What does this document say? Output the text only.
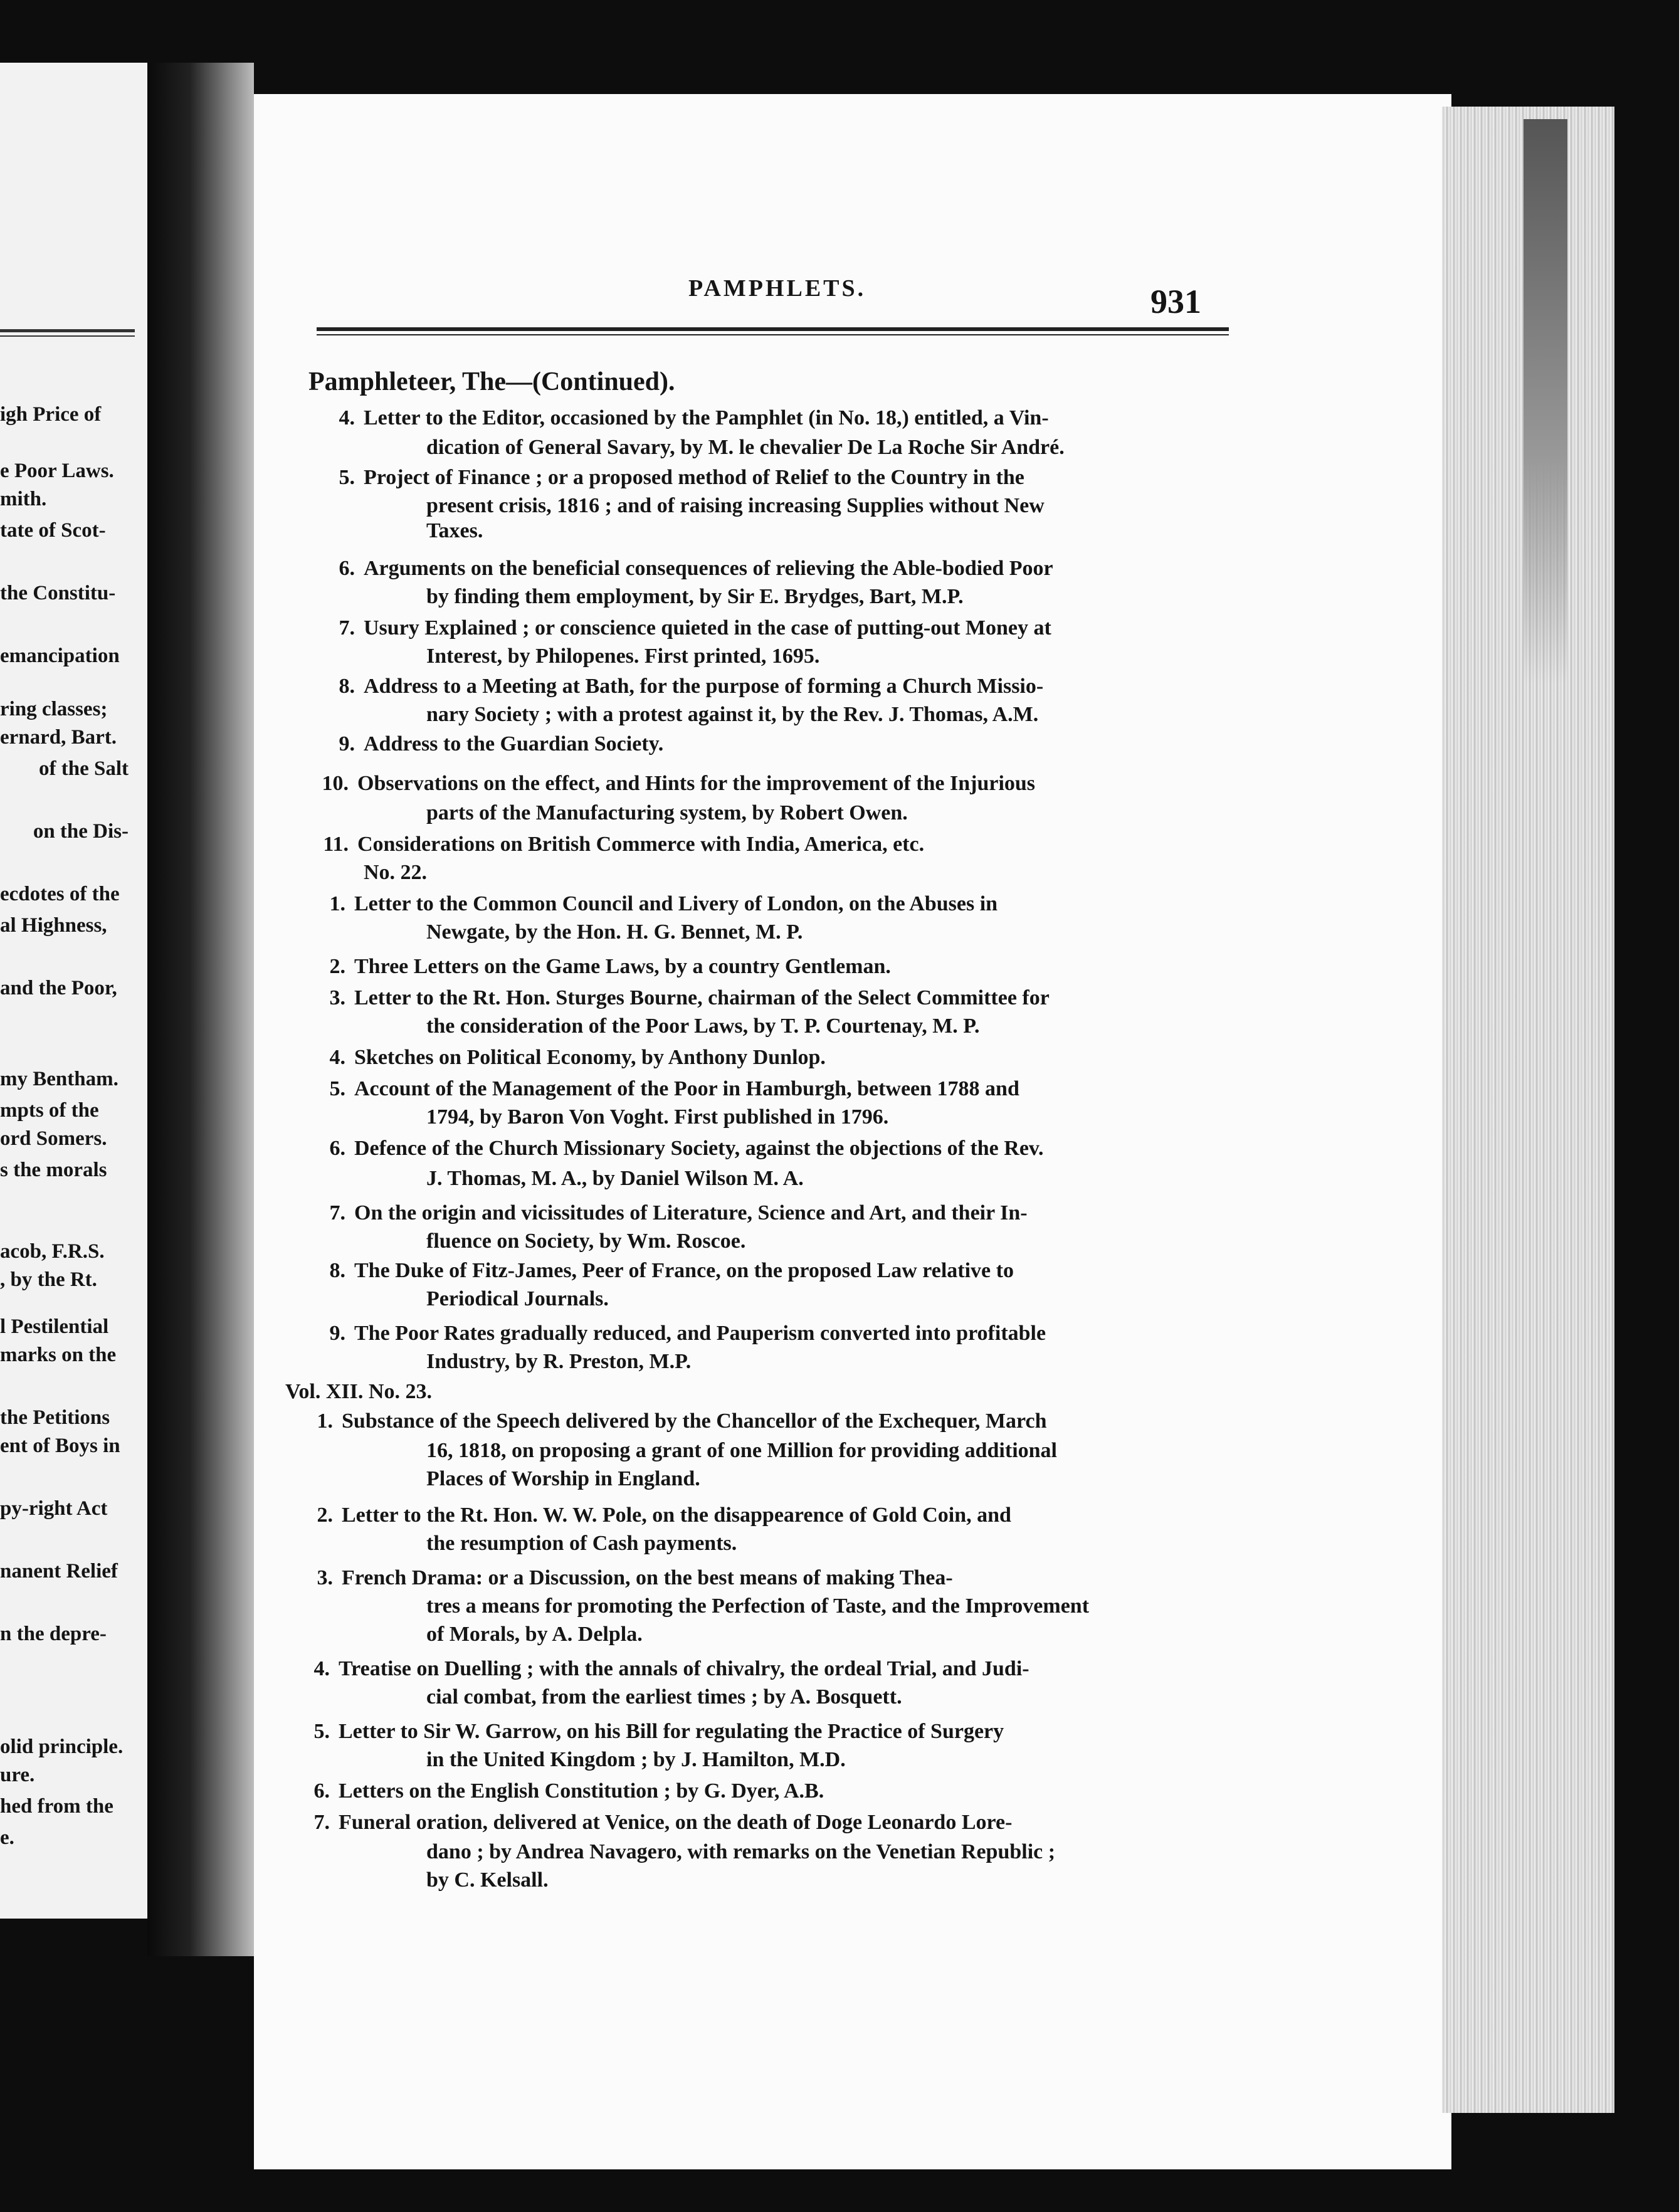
igh Price of
e Poor Laws.
mith.
tate of Scot-
the Constitu-
emancipation
ring classes;
ernard, Bart.
of the Salt
on the Dis-
ecdotes of the
al Highness,
and the Poor,
my Bentham.
mpts of the
ord Somers.
s the morals
acob, F.R.S.
, by the Rt.
l Pestilential
marks on the
the Petitions
ent of Boys in
py-right Act
nanent Relief
n the depre-
olid principle.
ure.
hed from the
e.
PAMPHLETS.	931
Pamphleteer, The—(Continued).
4. Letter to the Editor, occasioned by the Pamphlet (in No. 18,) entitled, a Vin-
dication of General Savary, by M. le chevalier De La Roche Sir André.
5. Project of Finance ; or a proposed method of Relief to the Country in the
present crisis, 1816 ; and of raising increasing Supplies without New
Taxes.
6. Arguments on the beneficial consequences of relieving the Able-bodied Poor
by finding them employment, by Sir E. Brydges, Bart, M.P.
7. Usury Explained ; or conscience quieted in the case of putting-out Money at
Interest, by Philopenes. First printed, 1695.
8. Address to a Meeting at Bath, for the purpose of forming a Church Missio-
nary Society ; with a protest against it, by the Rev. J. Thomas, A.M.
9. Address to the Guardian Society.
10. Observations on the effect, and Hints for the improvement of the Injurious
parts of the Manufacturing system, by Robert Owen.
11. Considerations on British Commerce with India, America, etc.
No. 22.
1. Letter to the Common Council and Livery of London, on the Abuses in
Newgate, by the Hon. H. G. Bennet, M. P.
2. Three Letters on the Game Laws, by a country Gentleman.
3. Letter to the Rt. Hon. Sturges Bourne, chairman of the Select Committee for
the consideration of the Poor Laws, by T. P. Courtenay, M. P.
4. Sketches on Political Economy, by Anthony Dunlop.
5. Account of the Management of the Poor in Hamburgh, between 1788 and
1794, by Baron Von Voght. First published in 1796.
6. Defence of the Church Missionary Society, against the objections of the Rev.
J. Thomas, M. A., by Daniel Wilson M. A.
7. On the origin and vicissitudes of Literature, Science and Art, and their In-
fluence on Society, by Wm. Roscoe.
8. The Duke of Fitz-James, Peer of France, on the proposed Law relative to
Periodical Journals.
9. The Poor Rates gradually reduced, and Pauperism converted into profitable
Industry, by R. Preston, M.P.
Vol. XII. No. 23.
1. Substance of the Speech delivered by the Chancellor of the Exchequer, March
16, 1818, on proposing a grant of one Million for providing additional
Places of Worship in England.
2. Letter to the Rt. Hon. W. W. Pole, on the disappearence of Gold Coin, and
the resumption of Cash payments.
3. French Drama: or a Discussion, on the best means of making Thea-
tres a means for promoting the Perfection of Taste, and the Improvement
of Morals, by A. Delpla.
4. Treatise on Duelling ; with the annals of chivalry, the ordeal Trial, and Judi-
cial combat, from the earliest times ; by A. Bosquett.
5. Letter to Sir W. Garrow, on his Bill for regulating the Practice of Surgery
in the United Kingdom ; by J. Hamilton, M.D.
6. Letters on the English Constitution ; by G. Dyer, A.B.
7. Funeral oration, delivered at Venice, on the death of Doge Leonardo Lore-
dano ; by Andrea Navagero, with remarks on the Venetian Republic ;
by C. Kelsall.
